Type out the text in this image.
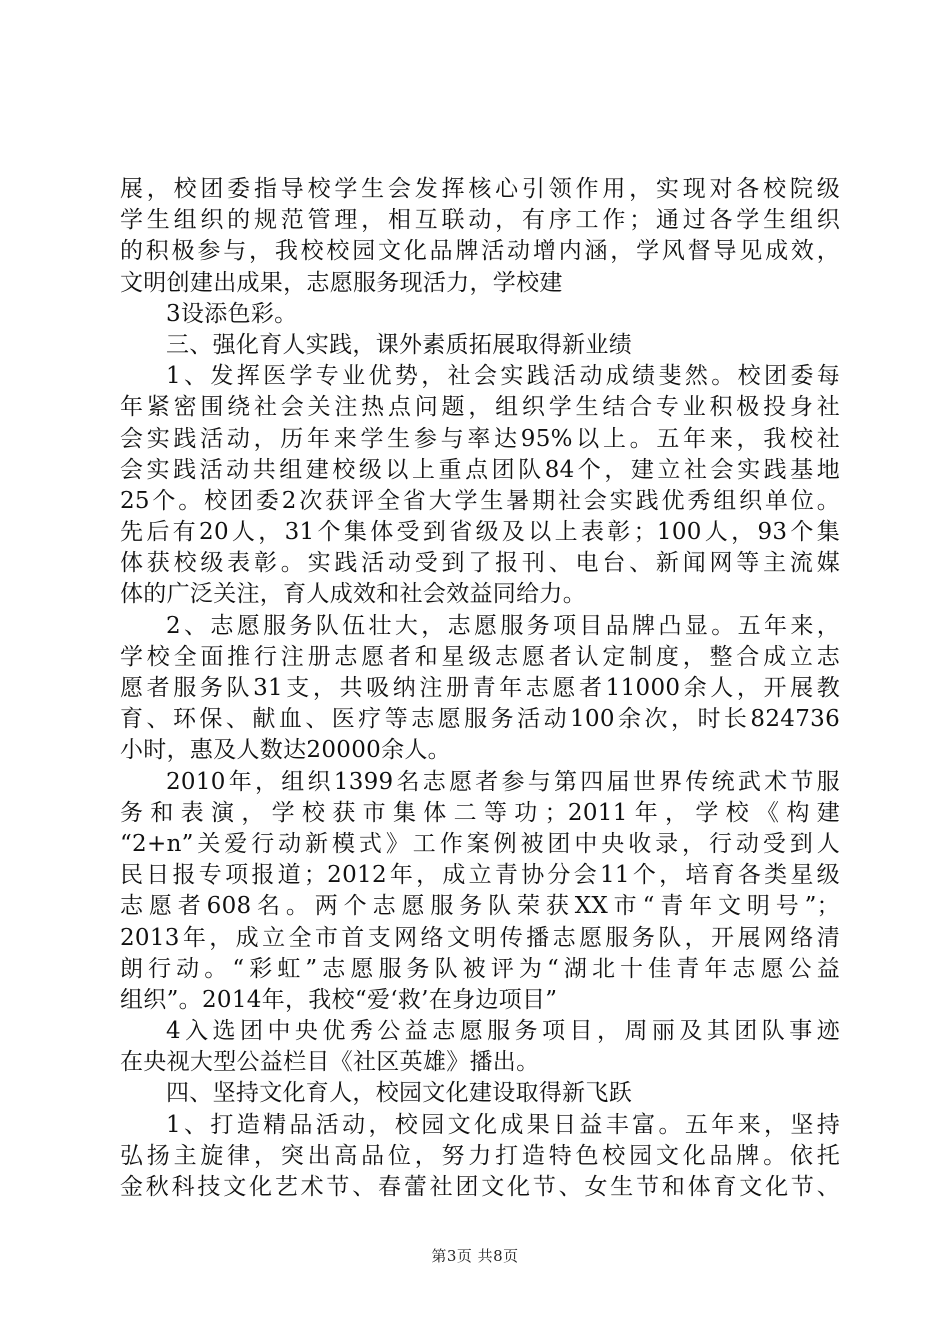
展，校团委指导校学生会发挥核心引领作用，实现对各校院级
学生组织的规范管理，相互联动，有序工作；通过各学生组织
的积极参与，我校校园文化品牌活动增内涵，学风督导见成效，
文明创建出成果，志愿服务现活力，学校建
3设添色彩。
三、强化育人实践，课外素质拓展取得新业绩
1、发挥医学专业优势，社会实践活动成绩斐然。校团委每
年紧密围绕社会关注热点问题，组织学生结合专业积极投身社
会实践活动，历年来学生参与率达95%以上。五年来，我校社
会实践活动共组建校级以上重点团队84个，建立社会实践基地
25个。校团委2次获评全省大学生暑期社会实践优秀组织单位。
先后有20人，31个集体受到省级及以上表彰；100人，93个集
体获校级表彰。实践活动受到了报刊、电台、新闻网等主流媒
体的广泛关注，育人成效和社会效益同给力。
2、志愿服务队伍壮大，志愿服务项目品牌凸显。五年来，
学校全面推行注册志愿者和星级志愿者认定制度，整合成立志
愿者服务队31支，共吸纳注册青年志愿者11000余人，开展教
育、环保、献血、医疗等志愿服务活动100余次，时长824736
小时，惠及人数达20000余人。
2010年，组织1399名志愿者参与第四届世界传统武术节服
务和表演，学校获市集体二等功；2011年，学校《构建
“2+n”关爱行动新模式》工作案例被团中央收录，行动受到人
民日报专项报道；2012年，成立青协分会11个，培育各类星级
志愿者608名。两个志愿服务队荣获XX市“青年文明号”；
2013年，成立全市首支网络文明传播志愿服务队，开展网络清
朗行动。“彩虹”志愿服务队被评为“湖北十佳青年志愿公益
组织”。2014年，我校“爱‘救’在身边项目”
4入选团中央优秀公益志愿服务项目，周丽及其团队事迹
在央视大型公益栏目《社区英雄》播出。
四、坚持文化育人，校园文化建设取得新飞跃
1、打造精品活动，校园文化成果日益丰富。五年来，坚持
弘扬主旋律，突出高品位，努力打造特色校园文化品牌。依托
金秋科技文化艺术节、春蕾社团文化节、女生节和体育文化节、
第3页 共8页
